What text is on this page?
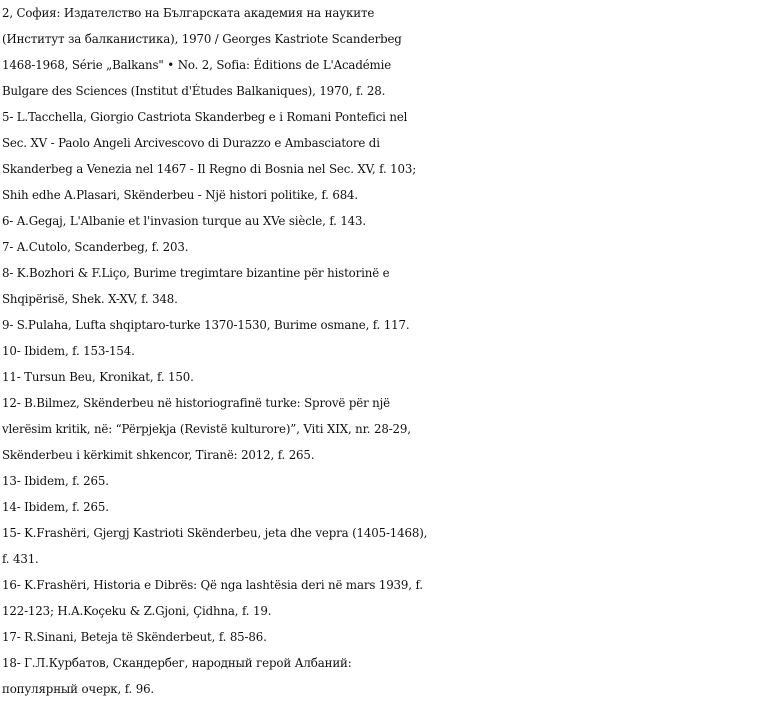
2, София: Издателство на Българската академия на науките
(Институт за балканистика), 1970 / Georges Kastriote Scanderbeg
1468-1968, Série „Balkans" • No. 2, Sofia: Éditions de L'Académie
Bulgare des Sciences (Institut d'Études Balkaniques), 1970, f. 28.
5- L.Tacchella, Giorgio Castriota Skanderbeg e i Romani Pontefici nel
Sec. XV - Paolo Angeli Arcivescovo di Durazzo e Ambasciatore di
Skanderbeg a Venezia nel 1467 - Il Regno di Bosnia nel Sec. XV, f. 103;
Shih edhe A.Plasari, Skënderbeu - Një histori politike, f. 684.
6- A.Gegaj, L'Albanie et l'invasion turque au XVe siècle, f. 143.
7- A.Cutolo, Scanderbeg, f. 203.
8- K.Bozhori & F.Liço, Burime tregimtare bizantine për historinë e
Shqipërisë, Shek. X-XV, f. 348.
9- S.Pulaha, Lufta shqiptaro-turke 1370-1530, Burime osmane, f. 117.
10- Ibidem, f. 153-154.
11- Tursun Beu, Kronikat, f. 150.
12- B.Bilmez, Skënderbeu në historiografinë turke: Sprovë për një
vlerësim kritik, në: “Përpjekja (Revistë kulturore)”, Viti XIX, nr. 28-29,
Skënderbeu i kërkimit shkencor, Tiranë: 2012, f. 265.
13- Ibidem, f. 265.
14- Ibidem, f. 265.
15- K.Frashëri, Gjergj Kastrioti Skënderbeu, jeta dhe vepra (1405-1468),
f. 431.
16- K.Frashëri, Historia e Dibrës: Që nga lashtësia deri në mars 1939, f.
122-123; H.A.Koçeku & Z.Gjoni, Çidhna, f. 19.
17- R.Sinani, Beteja të Skënderbeut, f. 85-86.
18- Г.Л.Курбатов, Скандербег, народный герой Албаний:
популярный очерк, f. 96.
